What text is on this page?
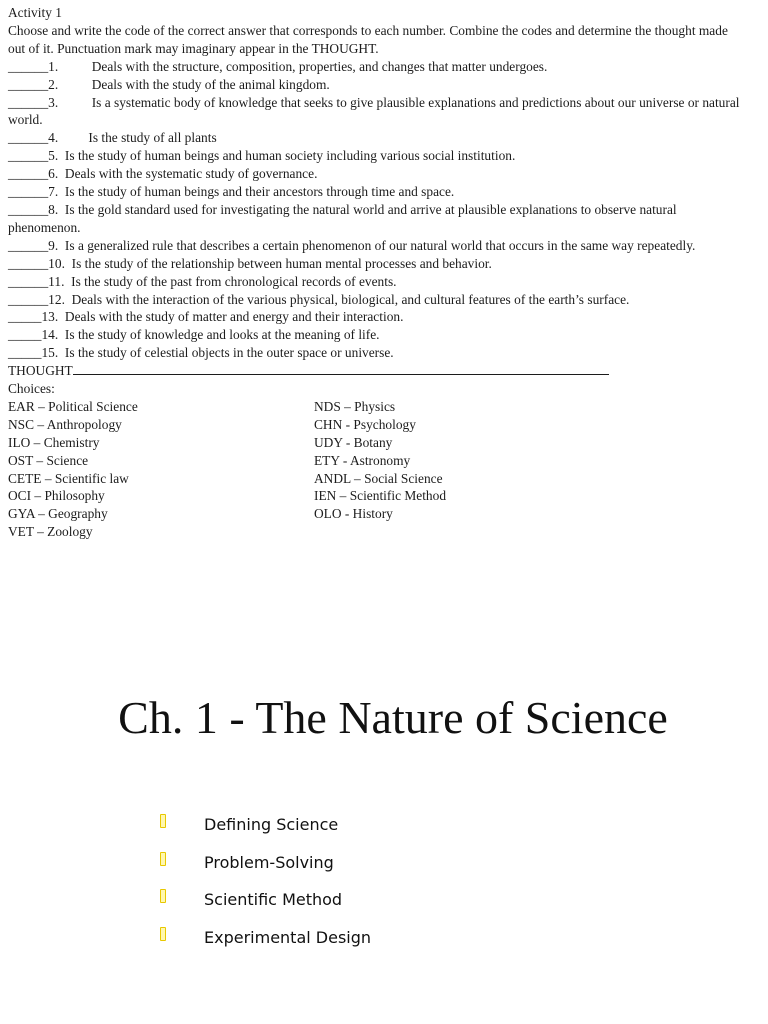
Activity 1
Choose and write the code of the correct answer that corresponds to each number. Combine the codes and determine the thought made out of it. Punctuation mark may imaginary appear in the THOUGHT.
______1. Deals with the structure, composition, properties, and changes that matter undergoes.
______2. Deals with the study of the animal kingdom.
______3. Is a systematic body of knowledge that seeks to give plausible explanations and predictions about our universe or natural world.
______4. Is the study of all plants
______5. Is the study of human beings and human society including various social institution.
______6. Deals with the systematic study of governance.
______7. Is the study of human beings and their ancestors through time and space.
______8. Is the gold standard used for investigating the natural world and arrive at plausible explanations to observe natural phenomenon.
______9. Is a generalized rule that describes a certain phenomenon of our natural world that occurs in the same way repeatedly.
______10. Is the study of the relationship between human mental processes and behavior.
______11. Is the study of the past from chronological records of events.
______12. Deals with the interaction of the various physical, biological, and cultural features of the earth’s surface.
_____13. Deals with the study of matter and energy and their interaction.
_____14. Is the study of knowledge and looks at the meaning of life.
_____15. Is the study of celestial objects in the outer space or universe.
THOUGHT
Choices:
EAR – Political Science
NSC – Anthropology
ILO – Chemistry
OST – Science
CETE – Scientific law
OCI – Philosophy
GYA – Geography
VET – Zoology
NDS – Physics
CHN - Psychology
UDY - Botany
ETY - Astronomy
ANDL – Social Science
IEN – Scientific Method
OLO - History
Ch. 1 - The Nature of Science
Defining Science
Problem-Solving
Scientific Method
Experimental Design
